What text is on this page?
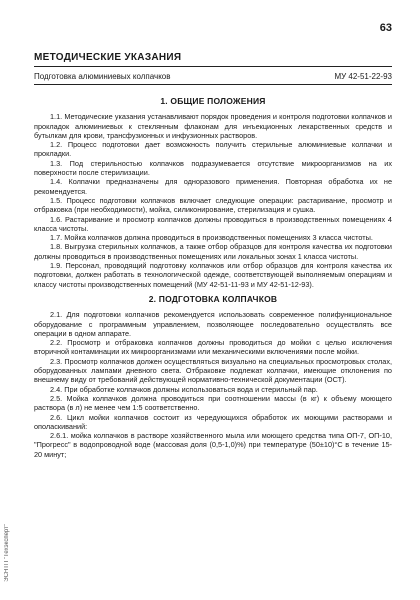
63
МЕТОДИЧЕСКИЕ УКАЗАНИЯ
Подготовка алюминиевых колпачков	МУ 42-51-22-93
1. ОБЩИЕ ПОЛОЖЕНИЯ

1.1. Методические указания устанавливают порядок проведения и контроля подготовки колпачков и прокладок алюминиевых к стеклянным флаконам для инъекционных лекарственных средств и бутылкам для крови, трансфузионных и инфузионных растворов.

1.2. Процесс подготовки дает возможность получить стерильные алюминиевые колпачки и прокладки.

1.3. Под стерильностью колпачков подразумевается отсутствие микроорганизмов на их поверхности после стерилизации.

1.4. Колпачки предназначены для одноразового применения. Повторная обработка их не рекомендуется.

1.5. Процесс подготовки колпачков включает следующие операции: растаривание, просмотр и отбраковка (при необходимости), мойка, силиконирование, стерилизация и сушка.

1.6. Растаривание и просмотр колпачков должны проводиться в производственных помещениях 4 класса чистоты.

1.7. Мойка колпачков должна проводиться в производственных помещениях 3 класса чистоты.

1.8. Выгрузка стерильных колпачков, а также отбор образцов для контроля качества их подготовки должны проводиться в производственных помещениях или локальных зонах 1 класса чистоты.

1.9. Персонал, проводящий подготовку колпачков или отбор образцов для контроля качества их подготовки, должен работать в технологической одежде, соответствующей выполняемым операциям и классу чистоты производственных помещений (МУ 42-51-11-93 и МУ 42-51-12-93).

2. ПОДГОТОВКА КОЛПАЧКОВ

2.1. Для подготовки колпачков рекомендуется использовать современное полифункциональное оборудование с программным управлением, позволяющее последовательно осуществлять все операции в одном аппарате.

2.2. Просмотр и отбраковка колпачков должны проводиться до мойки с целью исключения вторичной контаминации их микроорганизмами или механическими включениями после мойки.

2.3. Просмотр колпачков должен осуществляться визуально на специальных просмотровых столах, оборудованных лампами дневного света. Отбраковке подлежат колпачки, имеющие отклонения по внешнему виду от требований действующей нормативно-технической документации (ОСТ).

2.4. При обработке колпачков должны использоваться вода и стерильный пар.

2.5. Мойка колпачков должна проводиться при соотношении массы (в кг) к объему моющего раствора (в л) не менее чем 1:5 соответственно.

2.6. Цикл мойки колпачков состоит из чередующихся обработок их моющими растворами и ополаскиваний:

2.6.1. мойка колпачков в растворе хозяйственного мыла или моющего средства типа ОП-7, ОП-10, "Прогресс" в водопроводной воде (массовая доля (0,5-1,0)%) при температуре (50±10)°С в течение 15-20 минут;

ЭСНТП "Техэксперт"
